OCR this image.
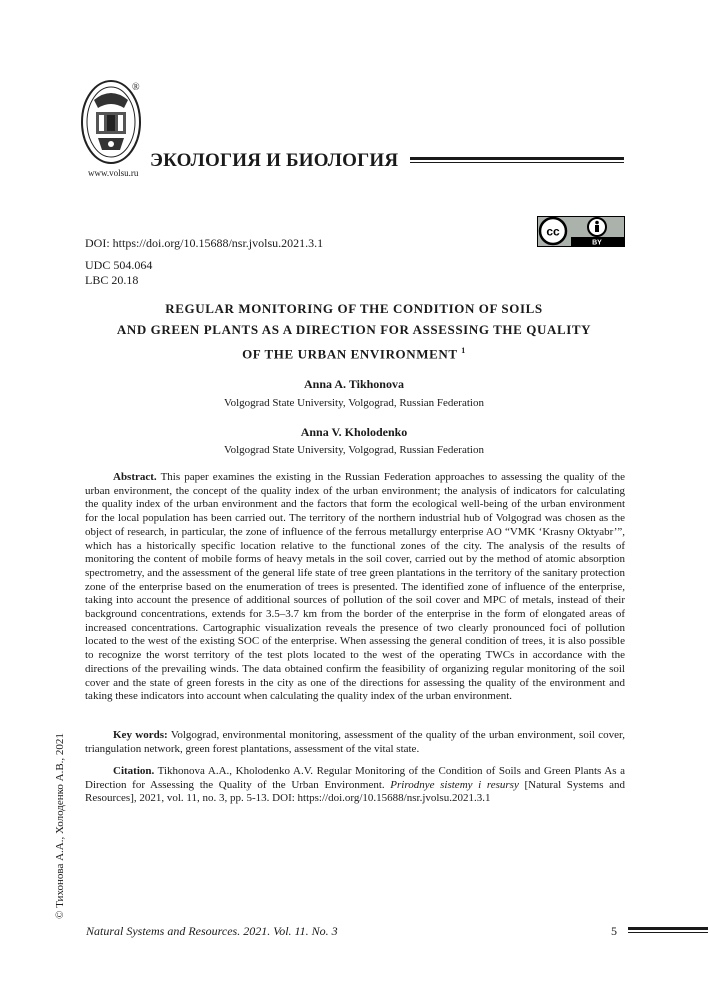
®
www.volsu.ru
ЭКОЛОГИЯ И БИОЛОГИЯ
cc
BY
DOI: https://doi.org/10.15688/nsr.jvolsu.2021.3.1
UDC 504.064
LBC 20.18
REGULAR MONITORING OF THE CONDITION OF SOILS
AND GREEN PLANTS AS A DIRECTION FOR ASSESSING THE QUALITY
OF THE URBAN ENVIRONMENT $^1$
Anna A. Tikhonova
Volgograd State University, Volgograd, Russian Federation
Anna V. Kholodenko
Volgograd State University, Volgograd, Russian Federation
Abstract. This paper examines the existing in the Russian Federation approaches to assessing the quality of the urban environment, the concept of the quality index of the urban environment; the analysis of indicators for calculating the quality index of the urban environment and the factors that form the ecological well-being of the urban environment for the local population has been carried out. The territory of the northern industrial hub of Volgograd was chosen as the object of research, in particular, the zone of influence of the ferrous metallurgy enterprise AO “VMK ‘Krasny Oktyabr’”, which has a historically specific location relative to the functional zones of the city. The analysis of the results of monitoring the content of mobile forms of heavy metals in the soil cover, carried out by the method of atomic absorption spectrometry, and the assessment of the general life state of tree green plantations in the territory of the sanitary protection zone of the enterprise based on the enumeration of trees is presented. The identified zone of influence of the enterprise, taking into account the presence of additional sources of pollution of the soil cover and MPC of metals, instead of their background concentrations, extends for 3.5–3.7 km from the border of the enterprise in the form of elongated areas of increased concentrations. Cartographic visualization reveals the presence of two clearly pronounced foci of pollution located to the west of the existing SOC of the enterprise. When assessing the general condition of trees, it is also possible to recognize the worst territory of the test plots located to the west of the operating TWCs in accordance with the directions of the prevailing winds. The data obtained confirm the feasibility of organizing regular monitoring of the soil cover and the state of green forests in the city as one of the directions for assessing the quality of the environment and taking these indicators into account when calculating the quality index of the urban environment.
Key words: Volgograd, environmental monitoring, assessment of the quality of the urban environment, soil cover, triangulation network, green forest plantations, assessment of the vital state.
Citation. Tikhonova A.A., Kholodenko A.V. Regular Monitoring of the Condition of Soils and Green Plants As a Direction for Assessing the Quality of the Urban Environment. Prirodnye sistemy i resursy [Natural Systems and Resources], 2021, vol. 11, no. 3, pp. 5-13. DOI: https://doi.org/10.15688/nsr.jvolsu.2021.3.1
© Тихонова А.А., Холоденко А.В., 2021
Natural Systems and Resources. 2021. Vol. 11. No. 3	5
